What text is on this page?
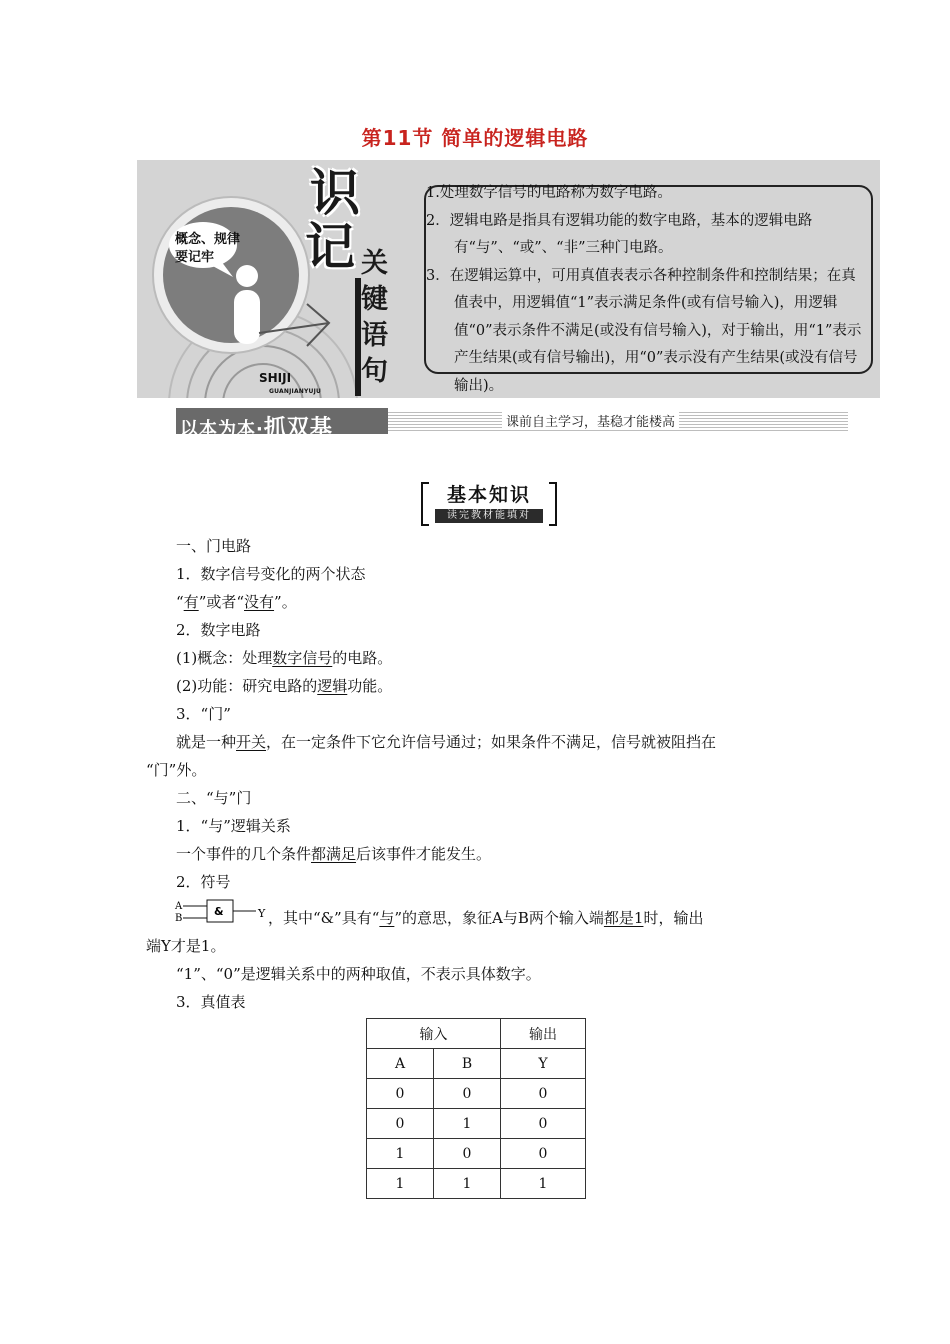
第11节 简单的逻辑电路
概念、规律
要记牢
识
记 关
键
语
句
SHIJI
GUANJIANYUJU

1.处理数字信号的电路称为数字电路。

2．逻辑电路是指具有逻辑功能的数字电路，基本的逻辑电路有“与”、“或”、“非”三种门电路。

3．在逻辑运算中，可用真值表表示各种控制条件和控制结果；在真值表中，用逻辑值“1”表示满足条件(或有信号输入)，用逻辑值“0”表示条件不满足(或没有信号输入)，对于输出，用“1”表示产生结果(或有信号输出)，用“0”表示没有产生结果(或没有信号输出)。

以本为本·抓双基	课前自主学习，基稳才能楼高
基本知识
读完教材能填对
一、门电路
1．数字信号变化的两个状态
“有”或者“没有”。
2．数字电路
(1)概念：处理数字信号的电路。
(2)功能：研究电路的逻辑功能。
3．“门”
就是一种开关，在一定条件下它允许信号通过；如果条件不满足，信号就被阻挡在
“门”外。
二、“与”门
1．“与”逻辑关系
一个事件的几个条件都满足后该事件才能发生。
2．符号
A
B
&	Y ，其中“&”具有“与”的意思，象征A与B两个输入端都是1时，输出
端Y才是1。
“1”、“0”是逻辑关系中的两种取值，不表示具体数字。
3．真值表
输入		输出
A	B	Y
0	0	0
0	1	0
1	0	0
1	1	1
